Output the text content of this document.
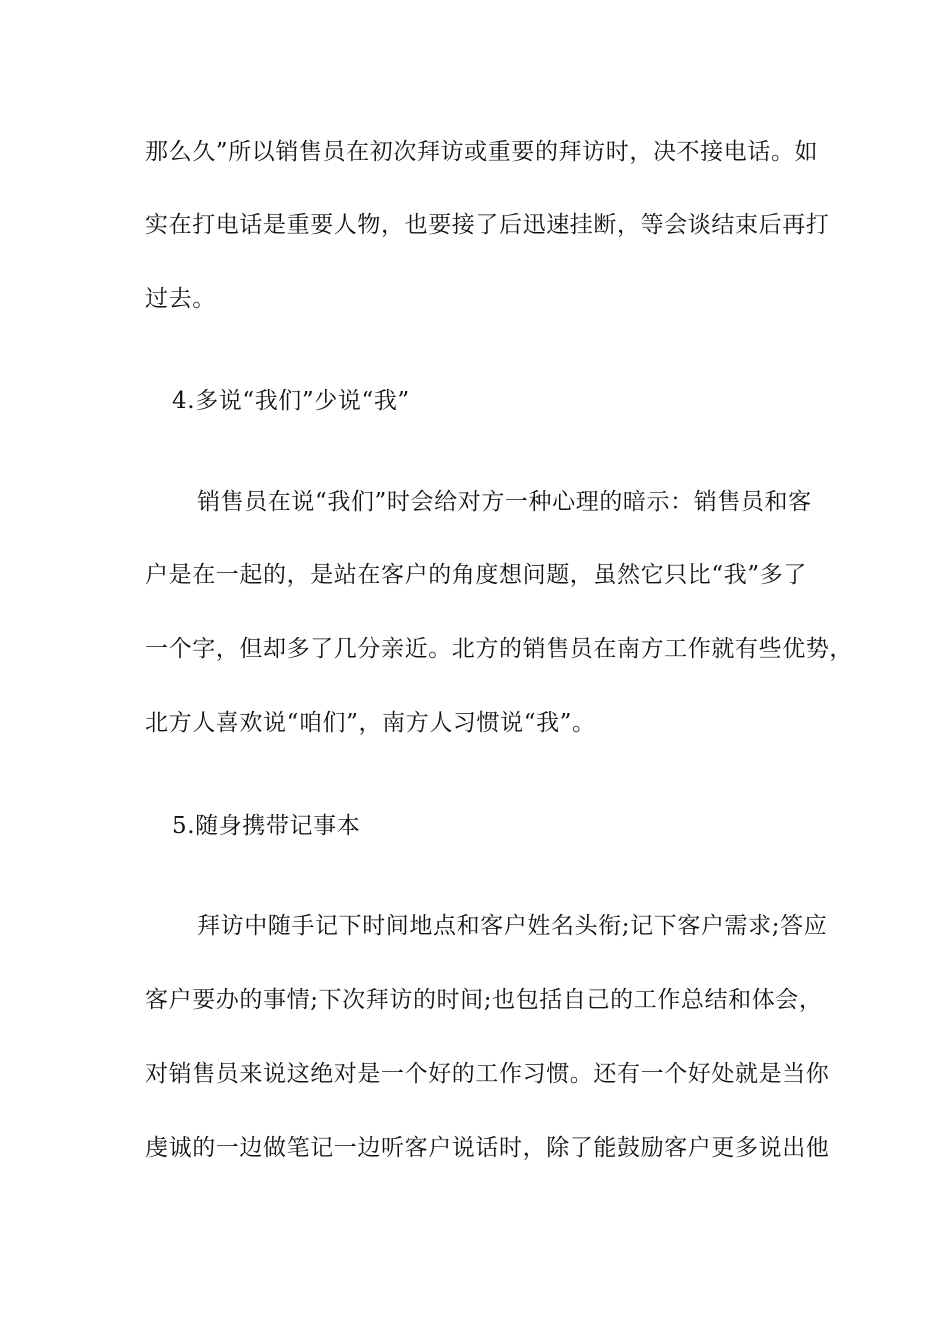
那么久”所以销售员在初次拜访或重要的拜访时，决不接电话。如
实在打电话是重要人物，也要接了后迅速挂断，等会谈结束后再打
过去。
4.多说“我们”少说“我”
销售员在说“我们”时会给对方一种心理的暗示：销售员和客
户是在一起的，是站在客户的角度想问题，虽然它只比“我”多了
一个字，但却多了几分亲近。北方的销售员在南方工作就有些优势，
北方人喜欢说“咱们”，南方人习惯说“我”。
5.随身携带记事本
拜访中随手记下时间地点和客户姓名头衔;记下客户需求;答应
客户要办的事情;下次拜访的时间;也包括自己的工作总结和体会，
对销售员来说这绝对是一个好的工作习惯。还有一个好处就是当你
虔诚的一边做笔记一边听客户说话时，除了能鼓励客户更多说出他
